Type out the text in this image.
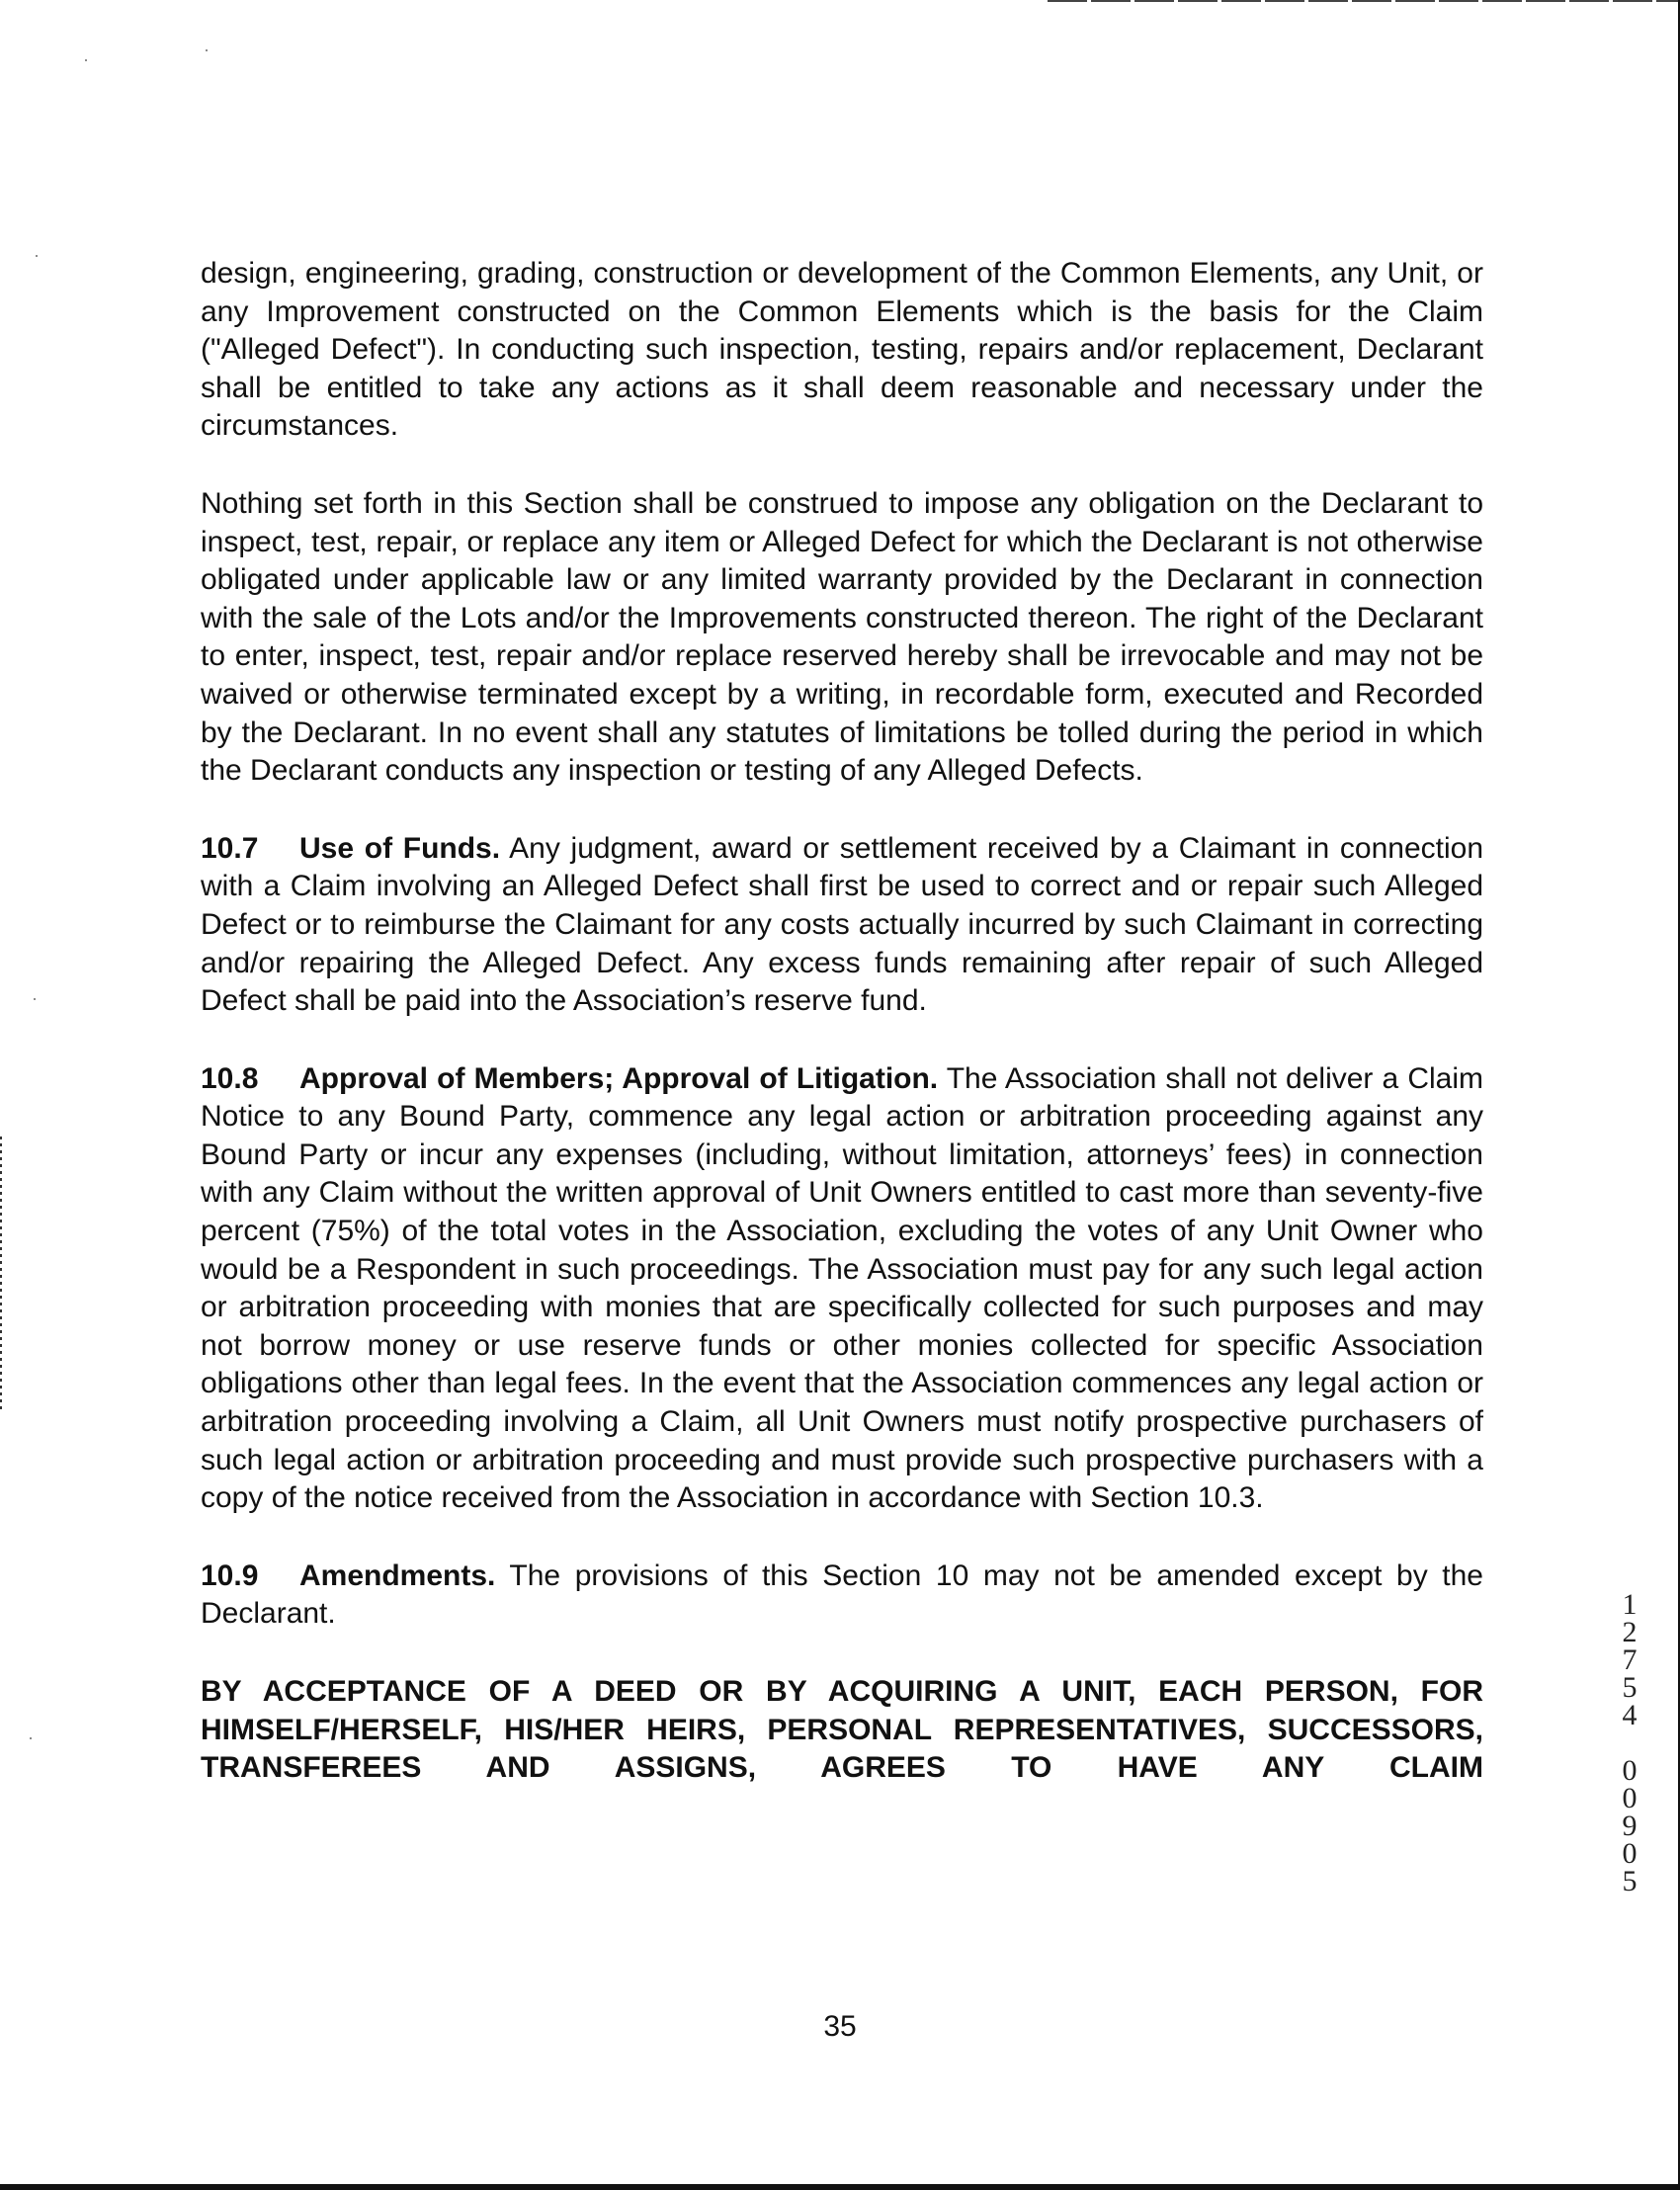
design, engineering, grading, construction or development of the Common Elements, any Unit, or any Improvement constructed on the Common Elements which is the basis for the Claim ("Alleged Defect"). In conducting such inspection, testing, repairs and/or replacement, Declarant shall be entitled to take any actions as it shall deem reasonable and necessary under the circumstances.

Nothing set forth in this Section shall be construed to impose any obligation on the Declarant to inspect, test, repair, or replace any item or Alleged Defect for which the Declarant is not otherwise obligated under applicable law or any limited warranty provided by the Declarant in connection with the sale of the Lots and/or the Improvements constructed thereon. The right of the Declarant to enter, inspect, test, repair and/or replace reserved hereby shall be irrevocable and may not be waived or otherwise terminated except by a writing, in recordable form, executed and Recorded by the Declarant. In no event shall any statutes of limitations be tolled during the period in which the Declarant conducts any inspection or testing of any Alleged Defects.

10.7 Use of Funds. Any judgment, award or settlement received by a Claimant in connection with a Claim involving an Alleged Defect shall first be used to correct and or repair such Alleged Defect or to reimburse the Claimant for any costs actually incurred by such Claimant in correcting and/or repairing the Alleged Defect. Any excess funds remaining after repair of such Alleged Defect shall be paid into the Association’s reserve fund.

10.8 Approval of Members; Approval of Litigation. The Association shall not deliver a Claim Notice to any Bound Party, commence any legal action or arbitration proceeding against any Bound Party or incur any expenses (including, without limitation, attorneys’ fees) in connection with any Claim without the written approval of Unit Owners entitled to cast more than seventy-five percent (75%) of the total votes in the Association, excluding the votes of any Unit Owner who would be a Respondent in such proceedings. The Association must pay for any such legal action or arbitration proceeding with monies that are specifically collected for such purposes and may not borrow money or use reserve funds or other monies collected for specific Association obligations other than legal fees. In the event that the Association commences any legal action or arbitration proceeding involving a Claim, all Unit Owners must notify prospective purchasers of such legal action or arbitration proceeding and must provide such prospective purchasers with a copy of the notice received from the Association in accordance with Section 10.3.

10.9 Amendments. The provisions of this Section 10 may not be amended except by the Declarant.

BY ACCEPTANCE OF A DEED OR BY ACQUIRING A UNIT, EACH PERSON, FOR HIMSELF/HERSELF, HIS/HER HEIRS, PERSONAL REPRESENTATIVES, SUCCESSORS, TRANSFEREES AND ASSIGNS, AGREES TO HAVE ANY CLAIM

35
1
2
7
5
4
0
0
9
0
5
